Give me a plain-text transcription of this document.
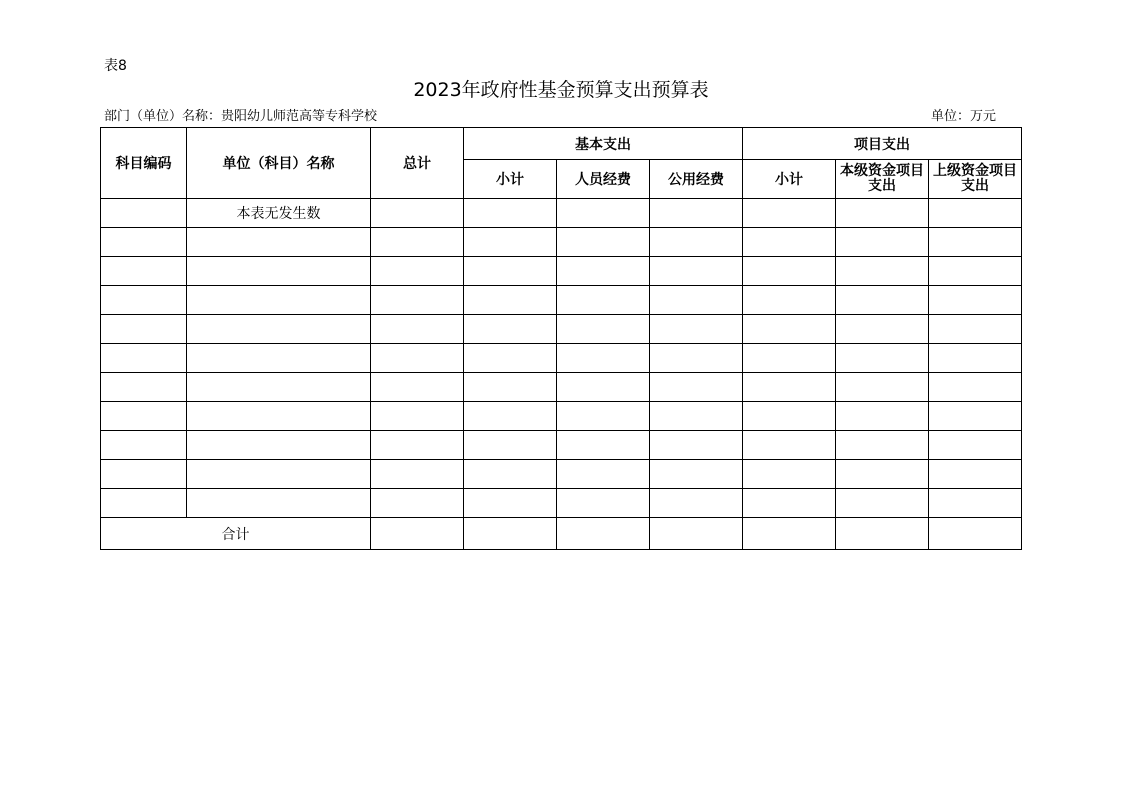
表8
2023年政府性基金预算支出预算表
部门（单位）名称：贵阳幼儿师范高等专科学校	单位：万元
科目编码	单位（科目）名称	总计	基本支出			项目支出		
			小计	人员经费	公用经费	小计	本级资金项目支出	上级资金项目支出
	本表无发生数							

合计								
